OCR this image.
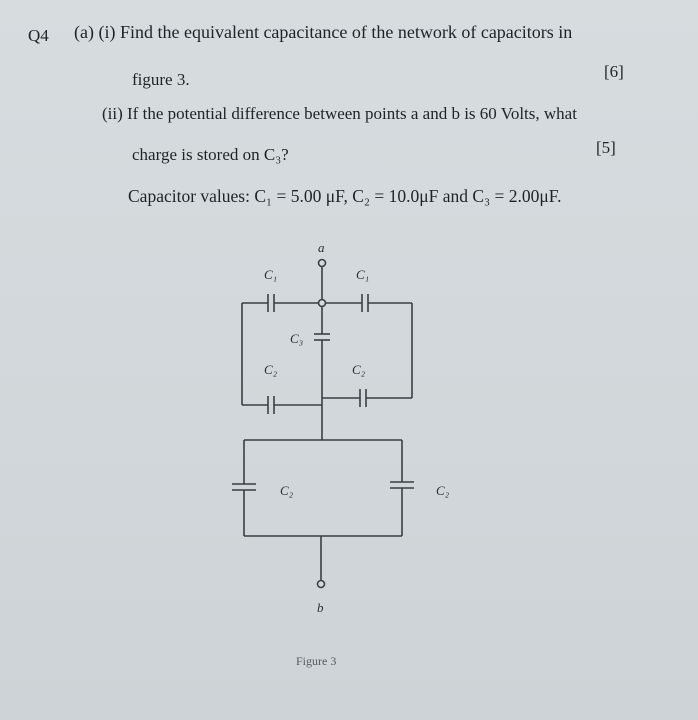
Q4 (a) (i) Find the equivalent capacitance of the network of capacitors in
figure 3.	[6]
(ii) If the potential difference between points a and b is 60 Volts, what
charge is stored on C₃?	[5]
Capacitor values: C₁ = 5.00 μF, C₂ = 10.0μF and C₃ = 2.00μF.
a
b
C₁	C₁
C₃
C₂	C₂
C₂	C₂
Figure 3
